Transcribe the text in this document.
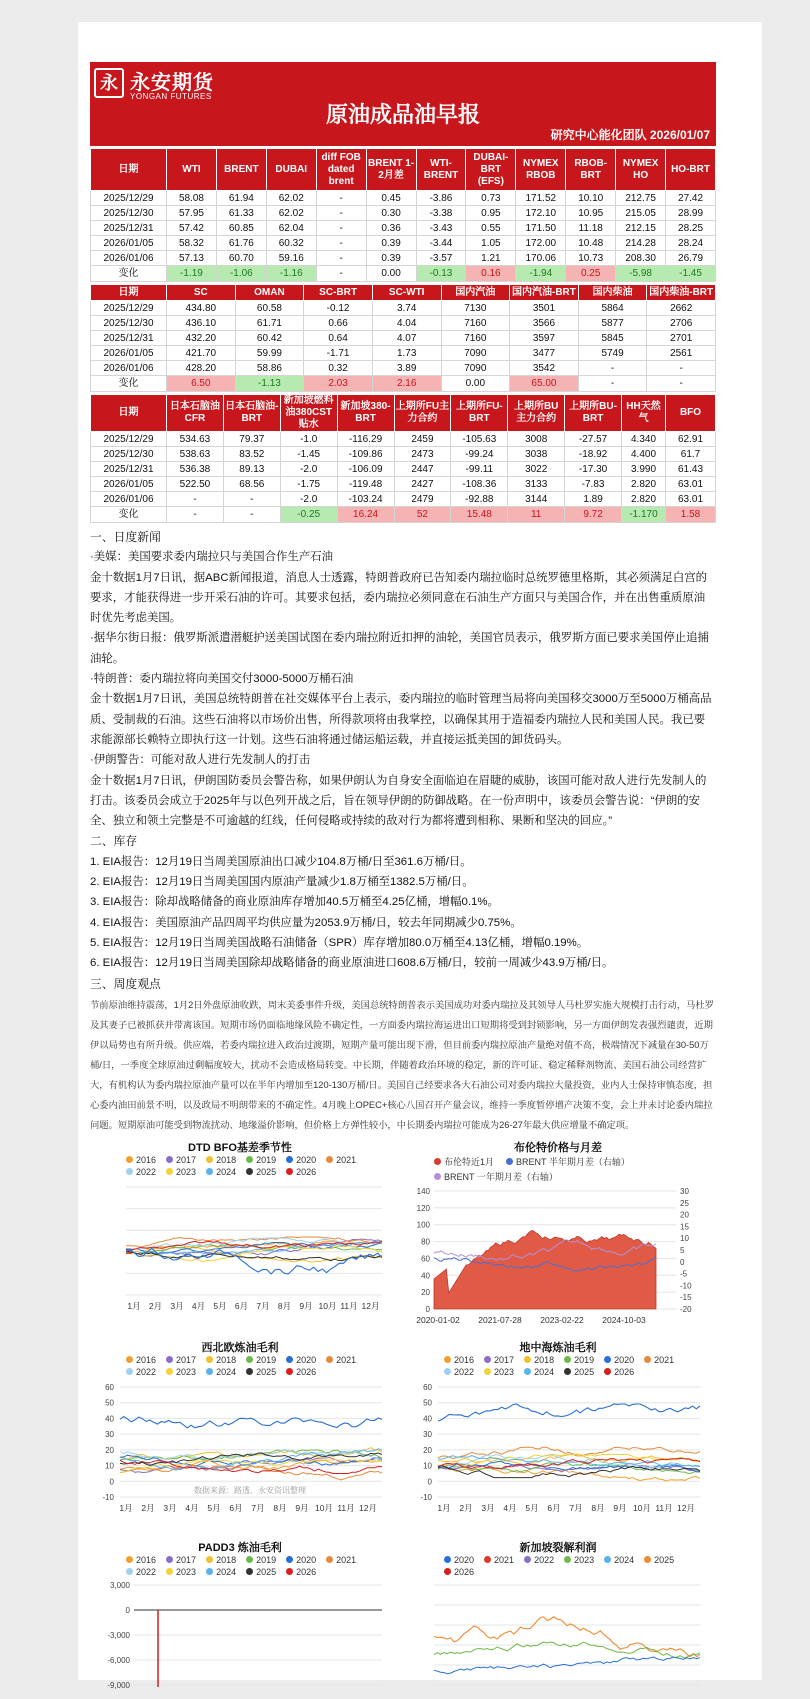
永 永安期货
YONGAN FUTURES
原油成品油早报
研究中心能化团队 2026/01/07
日期	WTI	BRENT	DUBAI	diff FOB dated brent	BRENT 1-2月差	WTI-BRENT	DUBAI-BRT (EFS)	NYMEX RBOB	RBOB-BRT	NYMEX HO	HO-BRT
2025/12/29	58.08	61.94	62.02	-	0.45	-3.86	0.73	171.52	10.10	212.75	27.42
2025/12/30	57.95	61.33	62.02	-	0.30	-3.38	0.95	172.10	10.95	215.05	28.99
2025/12/31	57.42	60.85	62.04	-	0.36	-3.43	0.55	171.50	11.18	212.15	28.25
2026/01/05	58.32	61.76	60.32	-	0.39	-3.44	1.05	172.00	10.48	214.28	28.24
2026/01/06	57.13	60.70	59.16	-	0.39	-3.57	1.21	170.06	10.73	208.30	26.79
变化	-1.19	-1.06	-1.16	-	0.00	-0.13	0.16	-1.94	0.25	-5.98	-1.45
日期	SC	OMAN	SC-BRT	SC-WTI	国内汽油	国内汽油-BRT	国内柴油	国内柴油-BRT
2025/12/29	434.80	60.58	-0.12	3.74	7130	3501	5864	2662
2025/12/30	436.10	61.71	0.66	4.04	7160	3566	5877	2706
2025/12/31	432.20	60.42	0.64	4.07	7160	3597	5845	2701
2026/01/05	421.70	59.99	-1.71	1.73	7090	3477	5749	2561
2026/01/06	428.20	58.86	0.32	3.89	7090	3542	-	-
变化	6.50	-1.13	2.03	2.16	0.00	65.00	-	-
日期	日本石脑油CFR	日本石脑油-BRT	新加坡燃料油380CST贴水	新加坡380-BRT	上期所FU主力合约	上期所FU-BRT	上期所BU主力合约	上期所BU-BRT	HH天然气	BFO
2025/12/29	534.63	79.37	-1.0	-116.29	2459	-105.63	3008	-27.57	4.340	62.91
2025/12/30	538.63	83.52	-1.45	-109.86	2473	-99.24	3038	-18.92	4.400	61.7
2025/12/31	536.38	89.13	-2.0	-106.09	2447	-99.11	3022	-17.30	3.990	61.43
2026/01/05	522.50	68.56	-1.75	-119.48	2427	-108.36	3133	-7.83	2.820	63.01
2026/01/06	-	-	-2.0	-103.24	2479	-92.88	3144	1.89	2.820	63.01
变化	-	-	-0.25	16.24	52	15.48	11	9.72	-1.170	1.58
一、日度新闻
·美媒：美国要求委内瑞拉只与美国合作生产石油
金十数据1月7日讯，据ABC新闻报道，消息人士透露，特朗普政府已告知委内瑞拉临时总统罗德里格斯，其必须满足白宫的要求，才能获得进一步开采石油的许可。其要求包括，委内瑞拉必须同意在石油生产方面只与美国合作，并在出售重质原油时优先考虑美国。
·据华尔街日报：俄罗斯派遣潜艇护送美国试图在委内瑞拉附近扣押的油轮，美国官员表示，俄罗斯方面已要求美国停止追捕油轮。
·特朗普：委内瑞拉将向美国交付3000-5000万桶石油
金十数据1月7日讯，美国总统特朗普在社交媒体平台上表示，委内瑞拉的临时管理当局将向美国移交3000万至5000万桶高品质、受制裁的石油。这些石油将以市场价出售，所得款项将由我掌控，以确保其用于造福委内瑞拉人民和美国人民。我已要求能源部长赖特立即执行这一计划。这些石油将通过储运船运载，并直接运抵美国的卸货码头。
·伊朗警告：可能对敌人进行先发制人的打击
金十数据1月7日讯，伊朗国防委员会警告称，如果伊朗认为自身安全面临迫在眉睫的威胁，该国可能对敌人进行先发制人的打击。该委员会成立于2025年与以色列开战之后，旨在领导伊朗的防御战略。在一份声明中，该委员会警告说：“伊朗的安全、独立和领土完整是不可逾越的红线，任何侵略或持续的敌对行为都将遭到相称、果断和坚决的回应。”
二、库存
1. EIA报告：12月19日当周美国原油出口减少104.8万桶/日至361.6万桶/日。
2. EIA报告：12月19日当周美国国内原油产量减少1.8万桶至1382.5万桶/日。
3. EIA报告：除却战略储备的商业原油库存增加40.5万桶至4.25亿桶，增幅0.1%。
4. EIA报告：美国原油产品四周平均供应量为2053.9万桶/日，较去年同期减少0.75%。
5. EIA报告：12月19日当周美国战略石油储备（SPR）库存增加80.0万桶至4.13亿桶，增幅0.19%。
6. EIA报告：12月19日当周美国除却战略储备的商业原油进口608.6万桶/日，较前一周减少43.9万桶/日。
三、周度观点
节前原油维持震荡，1月2日外盘原油收跌，周末美委事件升级，美国总统特朗普表示美国成功对委内瑞拉及其领导人马杜罗实施大规模打击行动，马杜罗及其妻子已被抓获并带离该国。短期市场仍面临地缘风险不确定性，一方面委内瑞拉海运进出口短期将受到封锁影响，另一方面伊朗发表强烈谴责，近期伊以局势也有所升级。供应端，若委内瑞拉进入政治过渡期，短期产量可能出现下滑，但目前委内瑞拉原油产量绝对值不高，极端情况下减量在30-50万桶/日，一季度全球原油过剩幅度较大，扰动不会造成格局转变。中长期，伴随着政治环境的稳定，新的许可证、稳定稀释剂物流、美国石油公司经营扩大，有机构认为委内瑞拉原油产量可以在半年内增加至120-130万桶/日。美国自己经要求各大石油公司对委内瑞拉大量投资，业内人士保持审慎态度，担心委内油田前景不明，以及政局不明朗带来的不确定性。4月晚上OPEC+核心八国召开产量会议，维持一季度暂停增产决策不变，会上并未讨论委内瑞拉问题。短期原油可能受到物流扰动、地缘溢价影响，但价格上方弹性较小，中长期委内瑞拉可能成为26-27年最大供应增量不确定项。
DTD BFO基差季节性
2016 2017 2018 2019 2020 2021
2022 2023 2024 2025 2026
1月 2月 3月 4月 5月 6月 7月 8月 9月 10月 11月 12月
布伦特价格与月差
布伦特近1月 BRENT 半年期月差（右轴）
BRENT 一年期月差（右轴）
140
120
100
80
60
40
20
0
30
25
20
15
10
5
0
-5
-10
-15
-20
2020-01-02 2021-07-28 2023-02-22 2024-10-03
西北欧炼油毛利
2016 2017 2018 2019 2020 2021
2022 2023 2024 2025 2026
60
50
40
30
20
10
0
-10
1月 2月 3月 4月 5月 6月 7月 8月 9月 10月 11月 12月
数据来源：路透、永安资讯整理
地中海炼油毛利
2016 2017 2018 2019 2020 2021
2022 2023 2024 2025 2026
60
50
40
30
20
10
0
-10
1月 2月 3月 4月 5月 6月 7月 8月 9月 10月 11月 12月
PADD3 炼油毛利
2016 2017 2018 2019 2020 2021
2022 2023 2024 2025 2026
3,000
0
-3,000
-6,000
-9,000
新加坡裂解利润
2020 2021 2022 2023 2024 2025
2026
